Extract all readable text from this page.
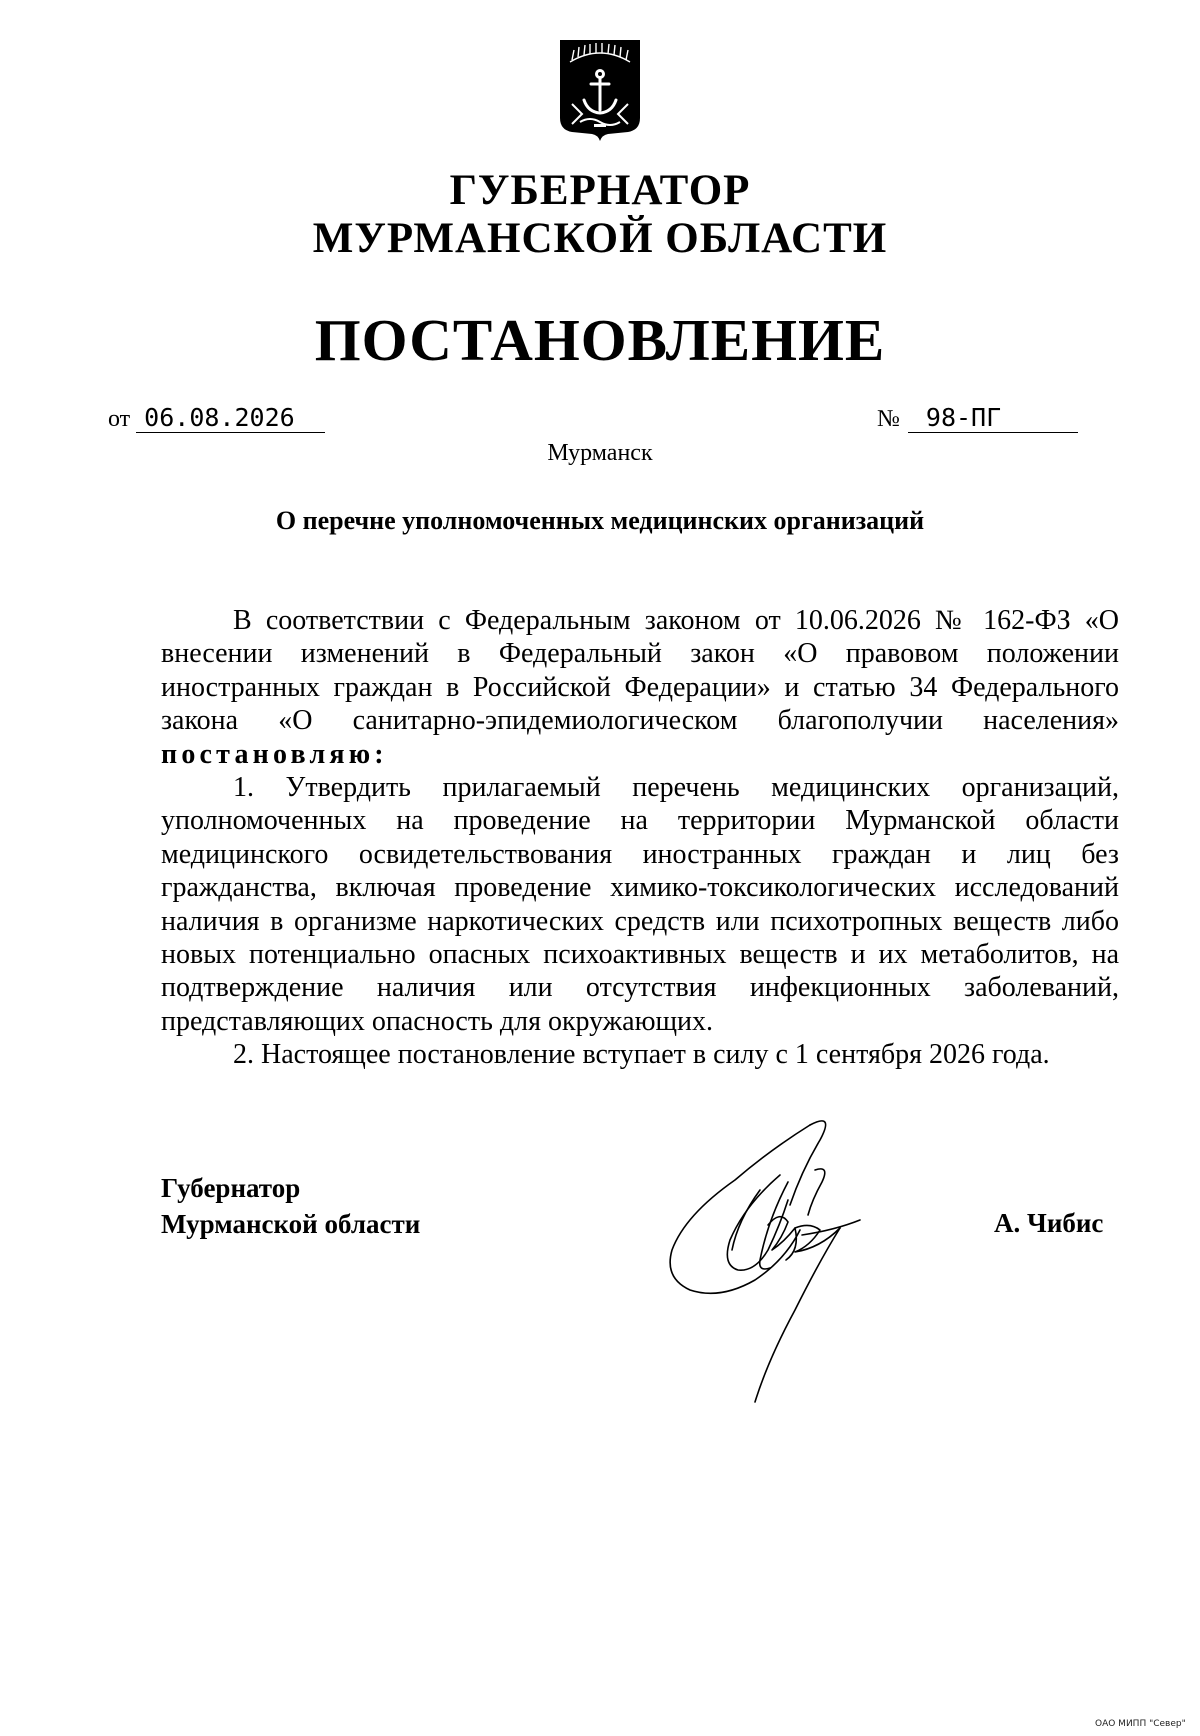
ГУБЕРНАТОР
МУРМАНСКОЙ ОБЛАСТИ
ПОСТАНОВЛЕНИЕ
от 06.08.2026	№ 98-ПГ
Мурманск
О перечне уполномоченных медицинских организаций

В соответствии с Федеральным законом от 10.06.2026 № 162-ФЗ «О внесении изменений в Федеральный закон «О правовом положении иностранных граждан в Российской Федерации» и статью 34 Федерального закона «О санитарно-эпидемиологическом благополучии населения» постановляю:

1. Утвердить прилагаемый перечень медицинских организаций, уполномоченных на проведение на территории Мурманской области медицинского освидетельствования иностранных граждан и лиц без гражданства, включая проведение химико-токсикологических исследований наличия в организме наркотических средств или психотропных веществ либо новых потенциально опасных психоактивных веществ и их метаболитов, на подтверждение наличия или отсутствия инфекционных заболеваний, представляющих опасность для окружающих.

2. Настоящее постановление вступает в силу с 1 сентября 2026 года.

Губернатор
Мурманской области	А. Чибис
ОАО МИПП "Север"
